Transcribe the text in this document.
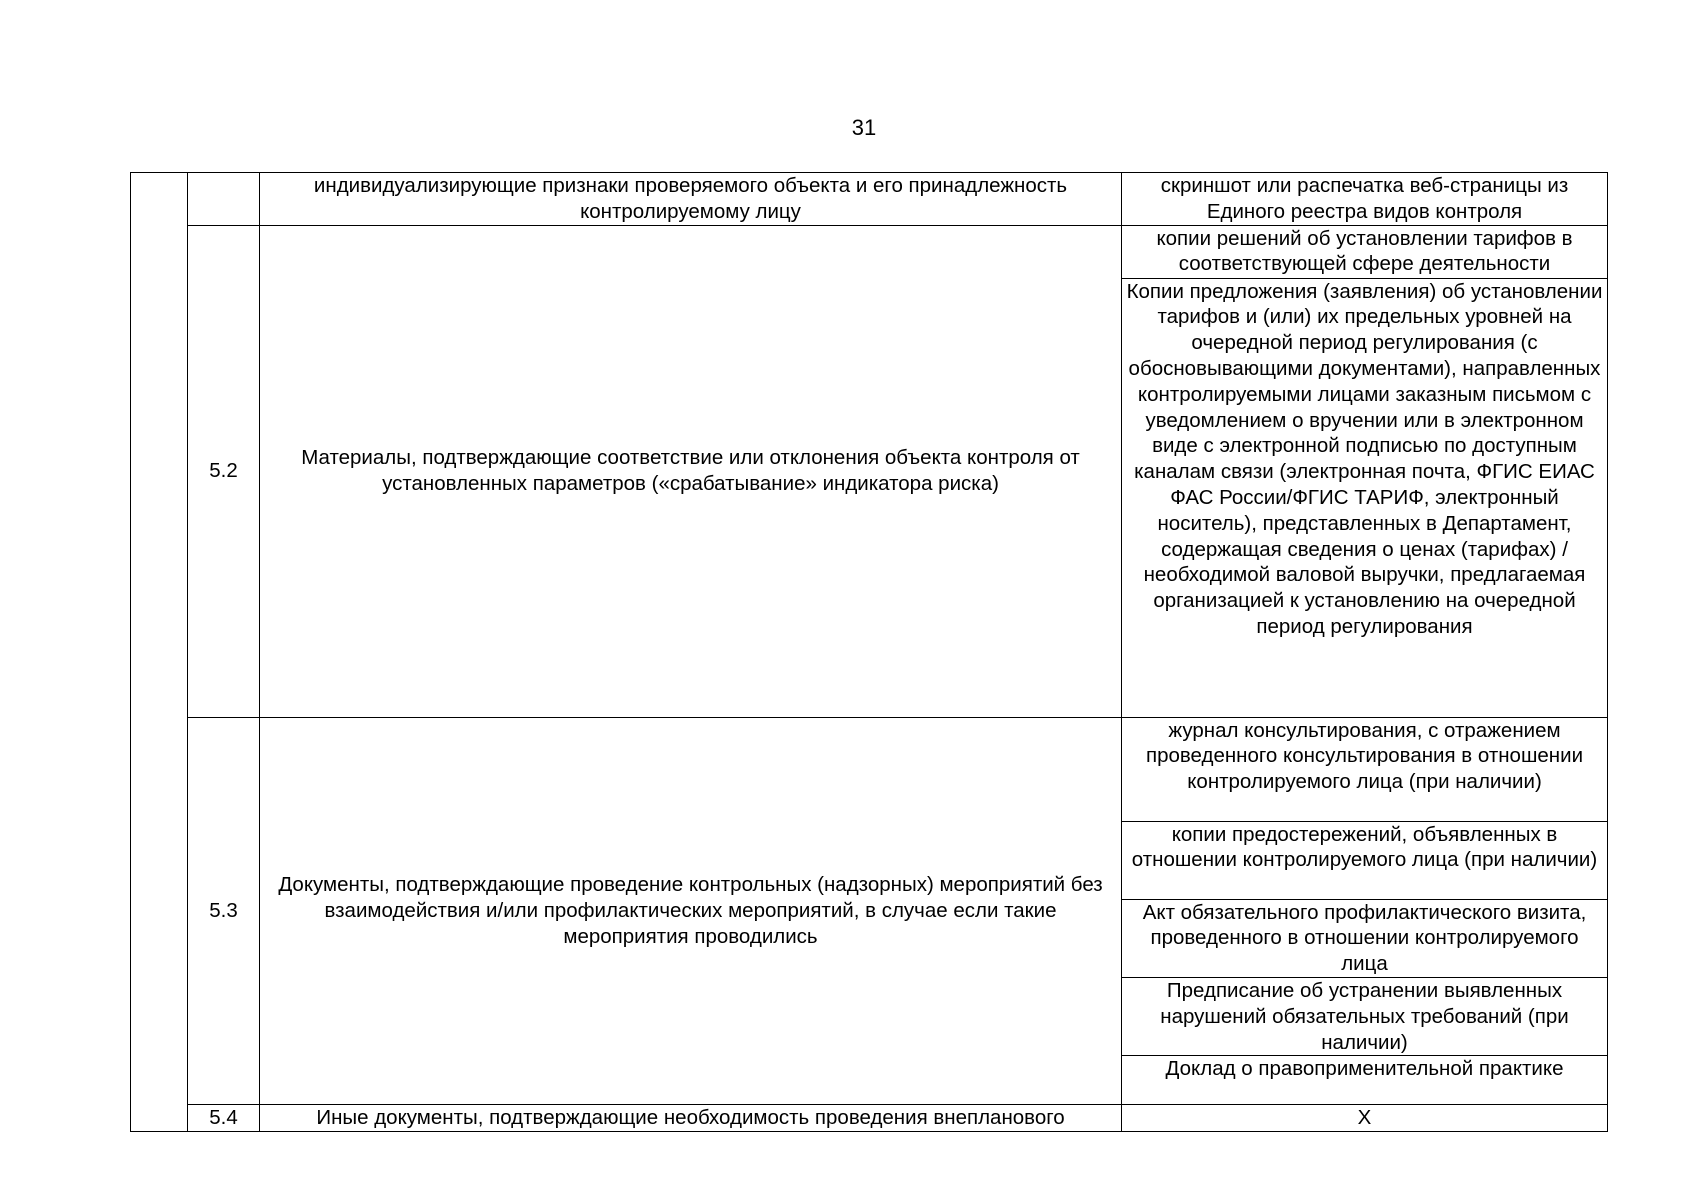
31
		индивидуализирующие признаки проверяемого объекта и его принадлежность контролируемому лицу	скриншот или распечатка веб-страницы из Единого реестра видов контроля
	5.2	Материалы, подтверждающие соответствие или отклонения объекта контроля от установленных параметров («срабатывание» индикатора риска)	копии решений об установлении тарифов в соответствующей сфере деятельности
			Копии предложения (заявления) об установлении тарифов и (или) их предельных уровней на очередной период регулирования (с обосновывающими документами), направленных контролируемыми лицами заказным письмом с уведомлением о вручении или в электронном виде с электронной подписью по доступным каналам связи (электронная почта, ФГИС ЕИАС ФАС России/ФГИС ТАРИФ, электронный носитель), представленных в Департамент, содержащая сведения о ценах (тарифах) / необходимой валовой выручки, предлагаемая организацией к установлению на очередной период регулирования
	5.3	Документы, подтверждающие проведение контрольных (надзорных) мероприятий без взаимодействия и/или профилактических мероприятий, в случае если такие мероприятия проводились	журнал консультирования, с отражением проведенного консультирования в отношении контролируемого лица (при наличии)
			копии предостережений, объявленных в отношении контролируемого лица (при наличии)
			Акт обязательного профилактического визита, проведенного в отношении контролируемого лица
			Предписание об устранении выявленных нарушений обязательных требований (при наличии)
			Доклад о правоприменительной практике
	5.4	Иные документы, подтверждающие необходимость проведения внепланового	X
